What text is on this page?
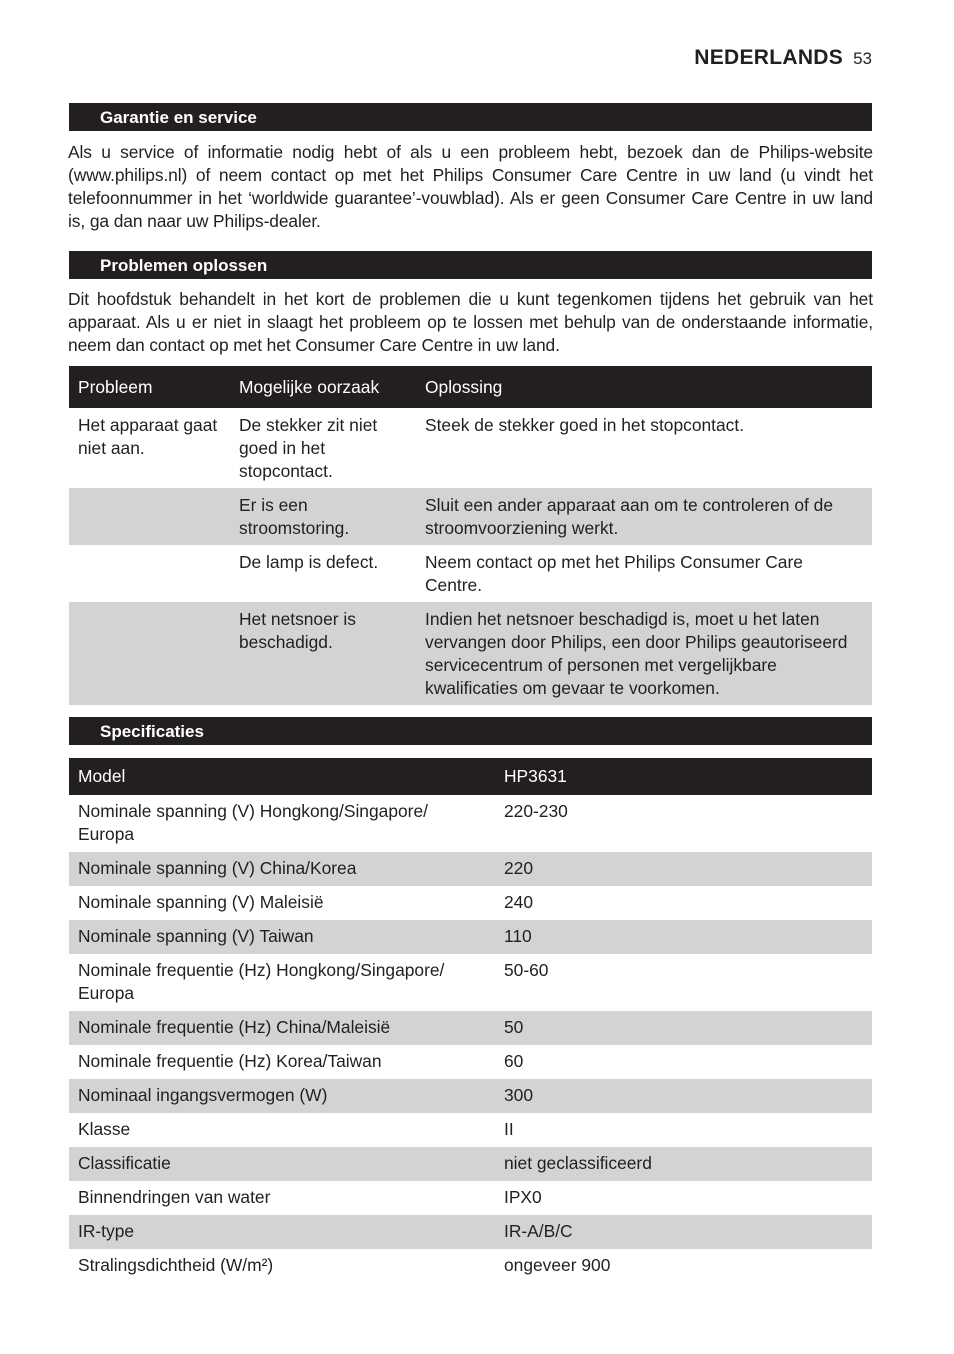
NEDERLANDS 53
Garantie en service

Als u service of informatie nodig hebt of als u een probleem hebt, bezoek dan de Philips-website (www.philips.nl) of neem contact op met het Philips Consumer Care Centre in uw land (u vindt het telefoonnummer in het ‘worldwide guarantee’-vouwblad). Als er geen Consumer Care Centre in uw land is, ga dan naar uw Philips-dealer.

Problemen oplossen

Dit hoofdstuk behandelt in het kort de problemen die u kunt tegenkomen tijdens het gebruik van het apparaat. Als u er niet in slaagt het probleem op te lossen met behulp van de onderstaande informatie, neem dan contact op met het Consumer Care Centre in uw land.

Probleem	Mogelijke oorzaak	Oplossing
Het apparaat gaat niet aan.	De stekker zit niet goed in het stopcontact.	Steek de stekker goed in het stopcontact.
	Er is een stroomstoring.	Sluit een ander apparaat aan om te controleren of de stroomvoorziening werkt.
	De lamp is defect.	Neem contact op met het Philips Consumer Care Centre.
	Het netsnoer is beschadigd.	Indien het netsnoer beschadigd is, moet u het laten vervangen door Philips, een door Philips geautoriseerd servicecentrum of personen met vergelijkbare kwalificaties om gevaar te voorkomen.
Specificaties
Model	HP3631
Nominale spanning (V) Hongkong/Singapore/ Europa	220-230
Nominale spanning (V) China/Korea	220
Nominale spanning (V) Maleisië	240
Nominale spanning (V) Taiwan	110
Nominale frequentie (Hz) Hongkong/Singapore/ Europa	50-60
Nominale frequentie (Hz) China/Maleisië	50
Nominale frequentie (Hz) Korea/Taiwan	60
Nominaal ingangsvermogen (W)	300
Klasse	II
Classificatie	niet geclassificeerd
Binnendringen van water	IPX0
IR-type	IR-A/B/C
Stralingsdichtheid (W/m²)	ongeveer 900
